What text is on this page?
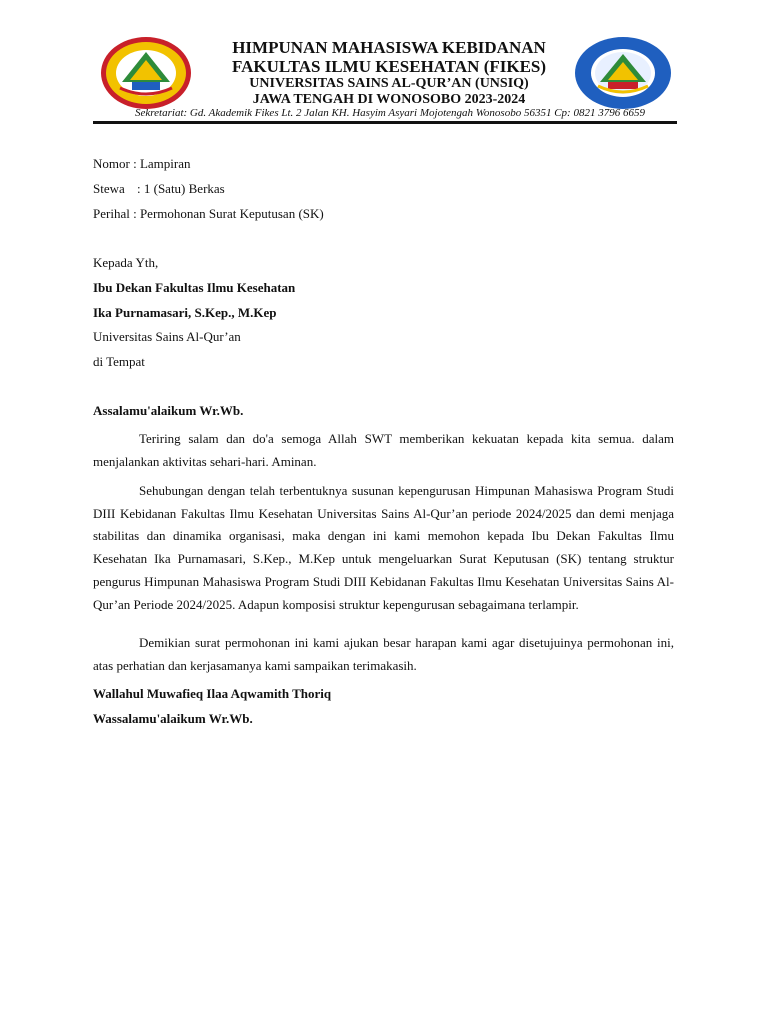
HIMPUNAN MAHASISWA KEBIDANAN
FAKULTAS ILMU KESEHATAN (FIKES)
UNIVERSITAS SAINS AL-QUR’AN (UNSIQ)
JAWA TENGAH DI WONOSOBO 2023-2024
Sekretariat: Gd. Akademik Fikes Lt. 2 Jalan KH. Hasyim Asyari Mojotengah Wonosobo 56351 Cp: 0821 3796 6659
Nomor : Lampiran
Stewa : 1 (Satu) Berkas
Perihal : Permohonan Surat Keputusan (SK)
Kepada Yth,
Ibu Dekan Fakultas Ilmu Kesehatan
Ika Purnamasari, S.Kep., M.Kep
Universitas Sains Al-Qur’an
di Tempat
Assalamu'alaikum Wr.Wb.

Teriring salam dan do'a semoga Allah SWT memberikan kekuatan kepada kita semua. dalam menjalankan aktivitas sehari-hari. Aminan.

Sehubungan dengan telah terbentuknya susunan kepengurusan Himpunan Mahasiswa Program Studi DIII Kebidanan Fakultas Ilmu Kesehatan Universitas Sains Al-Qur’an periode 2024/2025 dan demi menjaga stabilitas dan dinamika organisasi, maka dengan ini kami memohon kepada Ibu Dekan Fakultas Ilmu Kesehatan Ika Purnamasari, S.Kep., M.Kep untuk mengeluarkan Surat Keputusan (SK) tentang struktur pengurus Himpunan Mahasiswa Program Studi DIII Kebidanan Fakultas Ilmu Kesehatan Universitas Sains Al-Qur’an Periode 2024/2025. Adapun komposisi struktur kepengurusan sebagaimana terlampir.

Demikian surat permohonan ini kami ajukan besar harapan kami agar disetujuinya permohonan ini, atas perhatian dan kerjasamanya kami sampaikan terimakasih.

Wallahul Muwafieq Ilaa Aqwamith Thoriq
Wassalamu'alaikum Wr.Wb.
